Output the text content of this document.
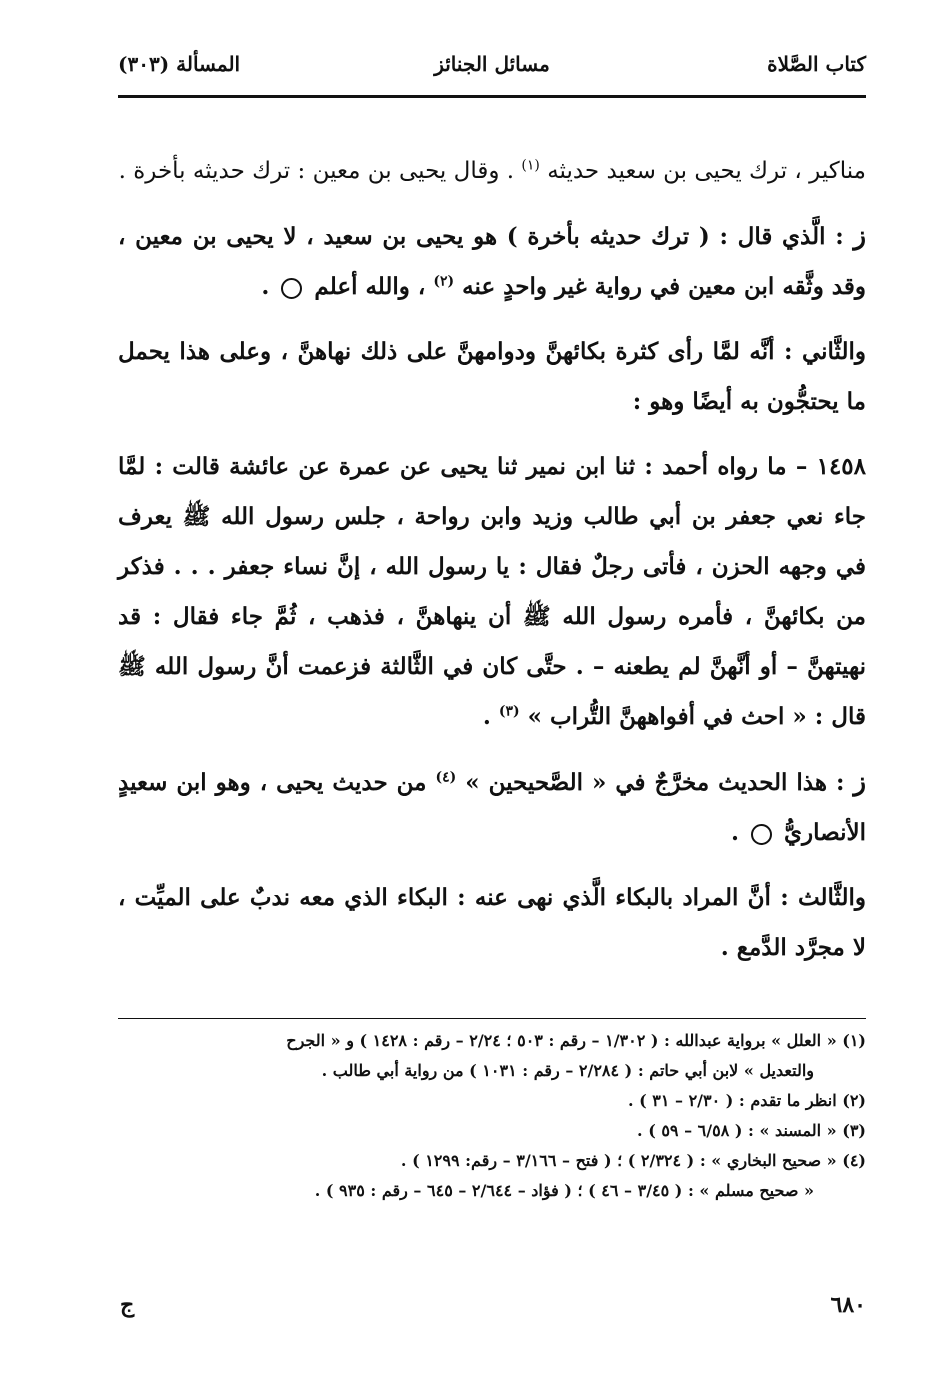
كتاب الصَّلاة
مسائل الجنائز
المسألة (٣٠٣)

مناكير ، ترك يحيى بن سعيد حديثه $^{(١)}$ . وقال يحيى بن معين : ترك حديثه بأخرة .

ز : الَّذي قال : ( ترك حديثه بأخرة ) هو يحيى بن سعيد ، لا يحيى بن معين ، وقد وثَّقه ابن معين في رواية غير واحدٍ عنه $^{(٢)}$ ، والله أعلم  .

والثَّاني : أنَّه لمَّا رأى كثرة بكائهنَّ ودوامهنَّ على ذلك نهاهنَّ ، وعلى هذا يحمل ما يحتجُّون به أيضًا وهو :

١٤٥٨ – ما رواه أحمد : ثنا ابن نمير ثنا يحيى عن عمرة عن عائشة قالت : لمَّا جاء نعي جعفر بن أبي طالب وزيد وابن رواحة ، جلس رسول الله ﷺ يعرف في وجهه الحزن ، فأتى رجلٌ فقال : يا رسول الله ، إنَّ نساء جعفر . . . فذكر من بكائهنَّ ، فأمره رسول الله ﷺ أن ينهاهنَّ ، فذهب ، ثُمَّ جاء فقال : قد نهيتهنَّ – أو أنَّهنَّ لم يطعنه – . حتَّى كان في الثَّالثة فزعمت أنَّ رسول الله ﷺ قال : « احث في أفواههنَّ التُّراب » $^{(٣)}$ .

ز : هذا الحديث مخرَّجٌ في « الصَّحيحين » $^{(٤)}$ من حديث يحيى ، وهو ابن سعيدٍ الأنصاريُّ  .

والثَّالث : أنَّ المراد بالبكاء الَّذي نهى عنه : البكاء الذي معه ندبٌ على الميِّت ، لا مجرَّد الدَّمع .

(١) « العلل » برواية عبدالله : ( ١/٣٠٢ – رقم : ٥٠٣ ؛ ٢/٢٤ – رقم : ١٤٢٨ ) و « الجرح

والتعديل » لابن أبي حاتم : ( ٢/٢٨٤ – رقم : ١٠٣١ ) من رواية أبي طالب .

(٢) انظر ما تقدم : ( ٢/٣٠ – ٣١ ) .

(٣) « المسند » : ( ٦/٥٨ – ٥٩ ) .

(٤) « صحيح البخاري » : ( ٢/٣٢٤ ) ؛ ( فتح – ٣/١٦٦ – رقم: ١٢٩٩ ) .

« صحيح مسلم » : ( ٣/٤٥ – ٤٦ ) ؛ ( فؤاد – ٢/٦٤٤ – ٦٤٥ – رقم : ٩٣٥ ) .

٦٨٠
ج
